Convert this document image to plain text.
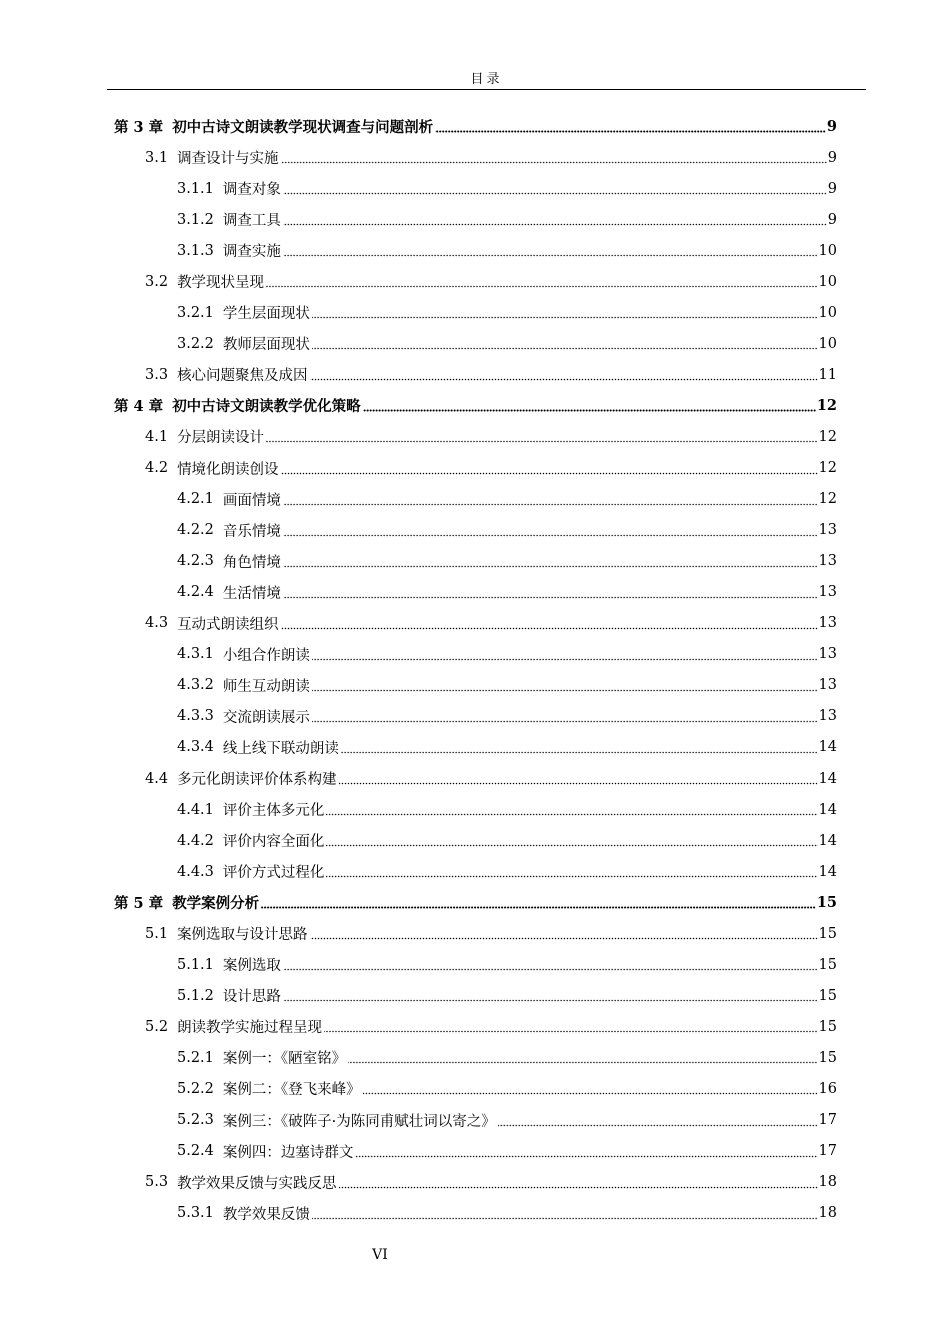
目录
第 3 章 初中古诗文朗读教学现状调查与问题剖析	9
3.1 调查设计与实施	9
3.1.1 调查对象	9
3.1.2 调查工具	9
3.1.3 调查实施	10
3.2 教学现状呈现	10
3.2.1 学生层面现状	10
3.2.2 教师层面现状	10
3.3 核心问题聚焦及成因	11
第 4 章 初中古诗文朗读教学优化策略	12
4.1 分层朗读设计	12
4.2 情境化朗读创设	12
4.2.1 画面情境	12
4.2.2 音乐情境	13
4.2.3 角色情境	13
4.2.4 生活情境	13
4.3 互动式朗读组织	13
4.3.1 小组合作朗读	13
4.3.2 师生互动朗读	13
4.3.3 交流朗读展示	13
4.3.4 线上线下联动朗读	14
4.4 多元化朗读评价体系构建	14
4.4.1 评价主体多元化	14
4.4.2 评价内容全面化	14
4.4.3 评价方式过程化	14
第 5 章 教学案例分析	15
5.1 案例选取与设计思路	15
5.1.1 案例选取	15
5.1.2 设计思路	15
5.2 朗读教学实施过程呈现	15
5.2.1 案例一：《陋室铭》	15
5.2.2 案例二：《登飞来峰》	16
5.2.3 案例三：《破阵子·为陈同甫赋壮词以寄之》	17
5.2.4 案例四：边塞诗群文	17
5.3 教学效果反馈与实践反思	18
5.3.1 教学效果反馈	18
VI
